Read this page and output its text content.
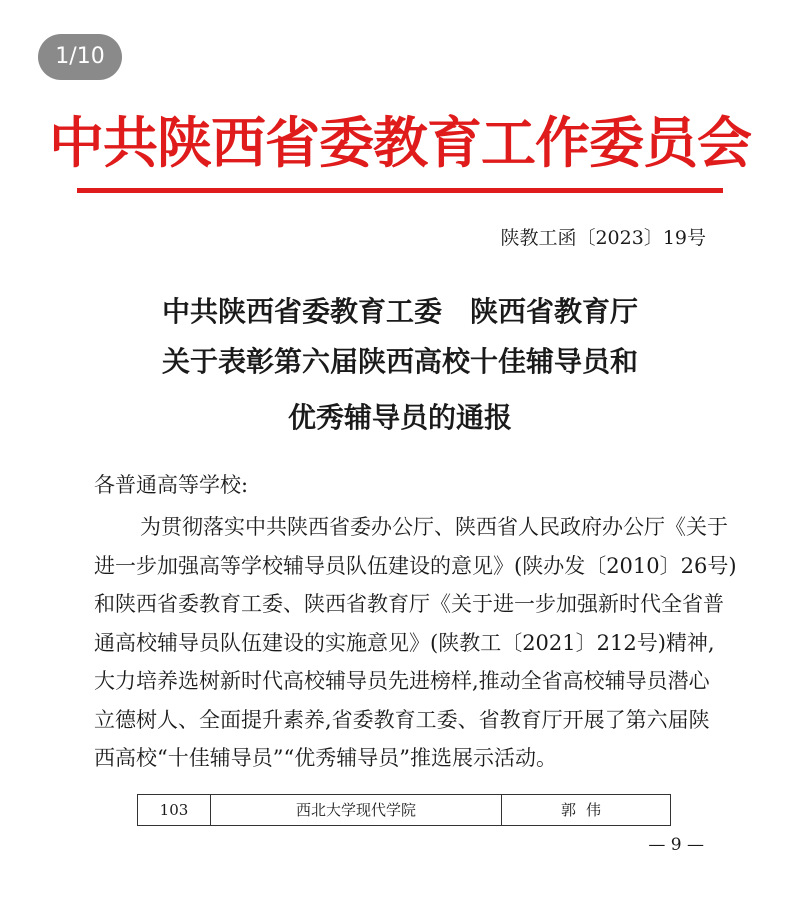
1/10
中共陕西省委教育工作委员会
陕教工函〔2023〕19号
中共陕西省委教育工委 陕西省教育厅
关于表彰第六届陕西高校十佳辅导员和
优秀辅导员的通报
各普通高等学校:
为贯彻落实中共陕西省委办公厅、陕西省人民政府办公厅《关于
进一步加强高等学校辅导员队伍建设的意见》(陕办发〔2010〕26号)
和陕西省委教育工委、陕西省教育厅《关于进一步加强新时代全省普
通高校辅导员队伍建设的实施意见》(陕教工〔2021〕212号)精神,
大力培养选树新时代高校辅导员先进榜样,推动全省高校辅导员潜心
立德树人、全面提升素养,省委教育工委、省教育厅开展了第六届陕
西高校“十佳辅导员”“优秀辅导员”推选展示活动。
103	西北大学现代学院	郭伟
— 9 —
